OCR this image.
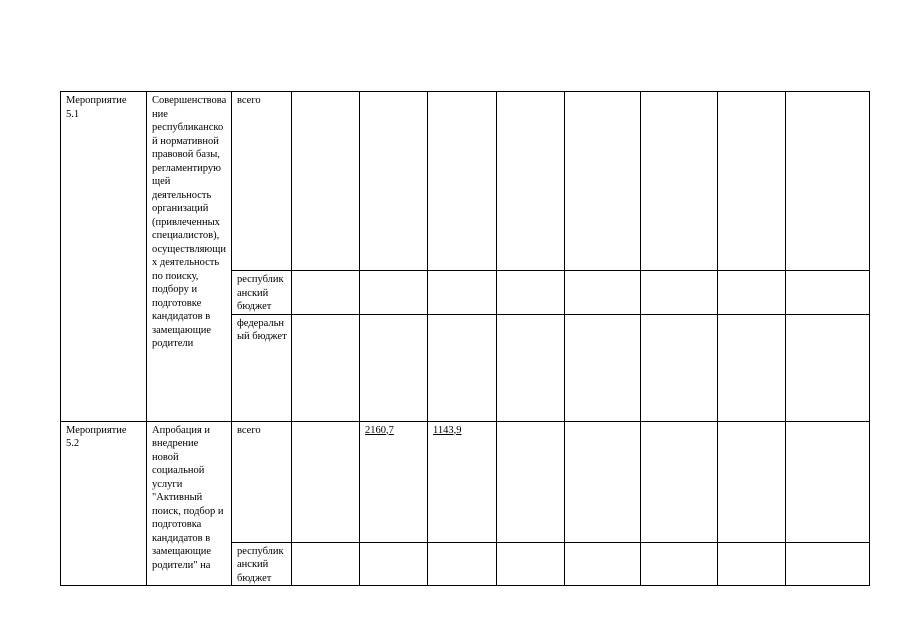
Мероприятие 5.1	Совершенствование республиканской нормативной правовой базы, регламентирующей деятельность организаций (привлеченных специалистов), осуществляющих деятельность по поиску, подбору и подготовке кандидатов в замещающие родители	всего								
		республиканский бюджет								
		федеральный бюджет								
Мероприятие 5.2	Апробация и внедрение новой социальной услуги "Активный поиск, подбор и подготовка кандидатов в замещающие родители" на	всего		2160,7	1143,9					
		республиканский бюджет								
